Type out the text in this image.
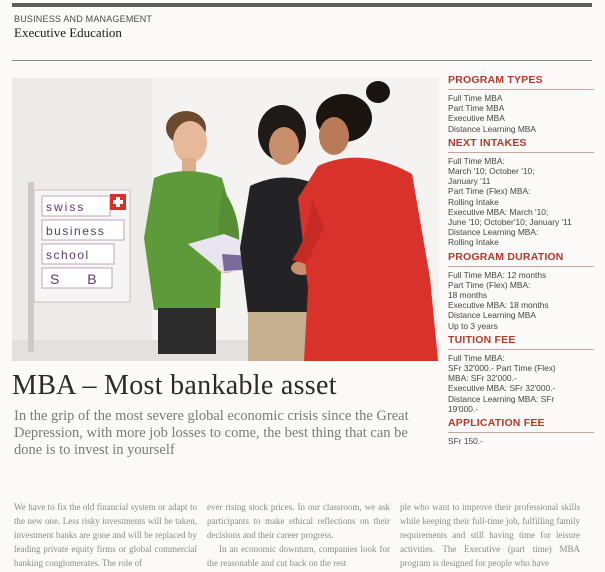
BUSINESS AND MANAGEMENT
Executive Education
swiss
business
school
S B
PROGRAM TYPES
Full Time MBA
Part Time MBA
Executive MBA
Distance Learning MBA
NEXT INTAKES
Full Time MBA:
March '10; October '10;
January '11
Part Time (Flex) MBA:
Rolling Intake
Executive MBA: March '10;
June '10; October'10; January '11
Distance Learning MBA:
Rolling Intake
PROGRAM DURATION
Full Time MBA: 12 months
Part Time (Flex) MBA:
18 months
Executive MBA: 18 months
Distance Learning MBA
Up to 3 years
TUITION FEE
Full Time MBA:
SFr 32'000.- Part Time (Flex)
MBA: SFr 32'000.-
Executive MBA: SFr 32'000.-
Distance Learning MBA: SFr
19'000.-
APPLICATION FEE
SFr 150.-
MBA – Most bankable asset
In the grip of the most severe global economic crisis since the Great Depression, with more job losses to come, the best thing that can be done is to invest in yourself

We have to fix the old financial system or adapt to the new one. Less risky investments will be taken, investment banks are gone and will be replaced by leading private equity firms or global commercial banking conglomerates. The role of

ever rising stock prices. In our classroom, we ask participants to make ethical reflections on their decisions and their career progress.

In an economic downturn, companies look for the reasonable and cut back on the rest

ple who want to improve their professional skills while keeping their full-time job, fulfilling family requirements and still having time for leisure activities. The Executive (part time) MBA program is designed for people who have
